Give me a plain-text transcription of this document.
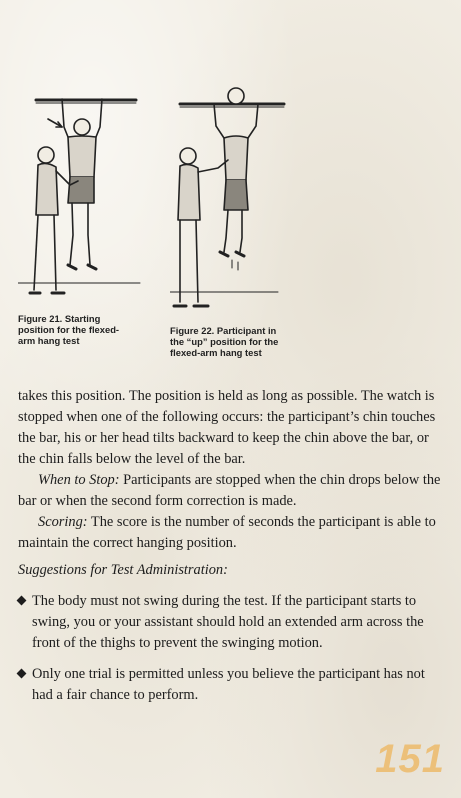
Figure 21. Starting position for the flexed-arm hang test
Figure 22. Participant in the “up” position for the flexed-arm hang test

takes this position. The position is held as long as possible. The watch is stopped when one of the following occurs: the participant’s chin touches the bar, his or her head tilts backward to keep the chin above the bar, or the chin falls below the level of the bar.

When to Stop: Participants are stopped when the chin drops below the bar or when the second form correction is made.

Scoring: The score is the number of seconds the participant is able to maintain the correct hanging position.

Suggestions for Test Administration:

The body must not swing during the test. If the participant starts to swing, you or your assistant should hold an extended arm across the front of the thighs to prevent the swinging motion.

Only one trial is permitted unless you believe the participant has not had a fair chance to perform.

151
